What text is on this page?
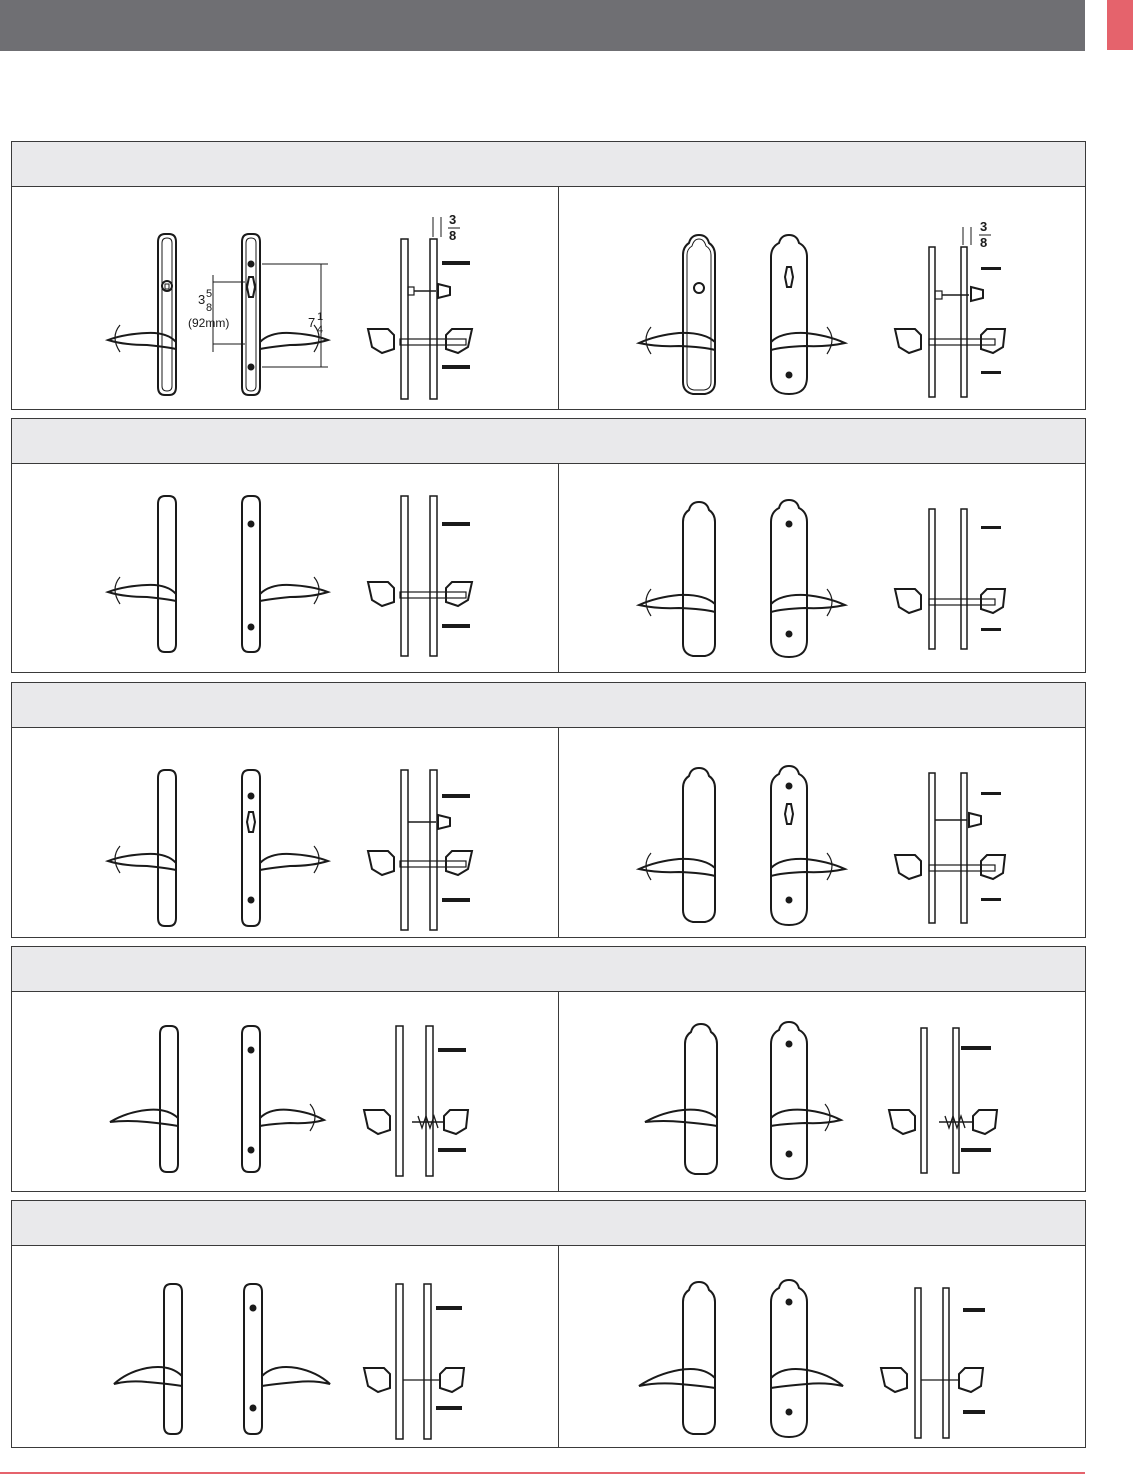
3
8
3 5
8
(92mm)	7 1
4
3
8
